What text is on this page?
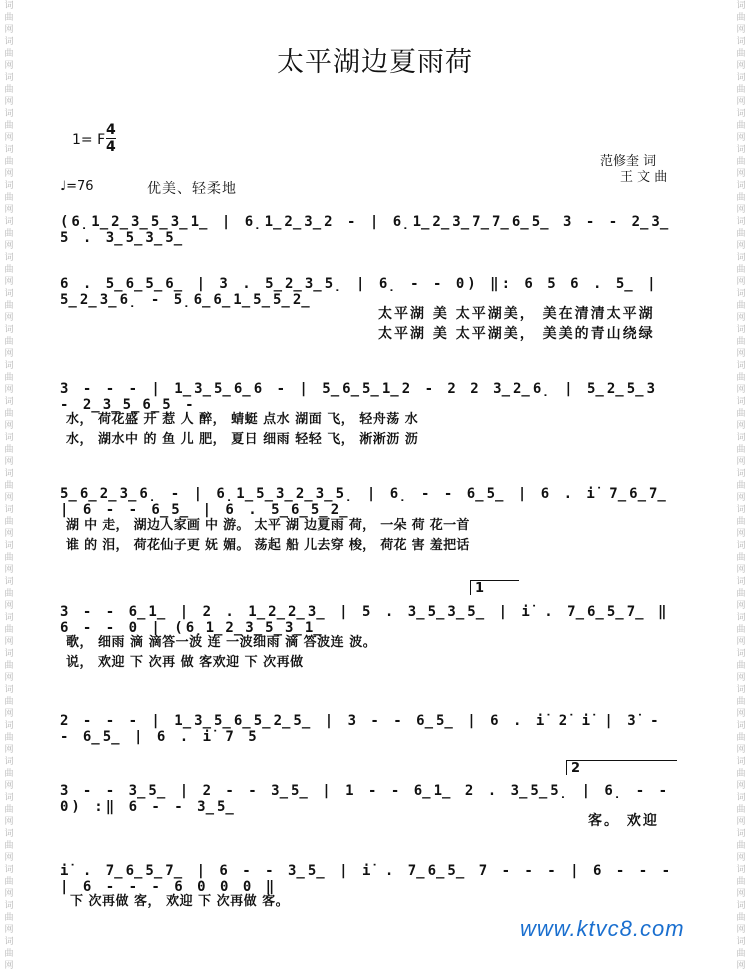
词
曲
网
词
曲
网
词
曲
网
词
曲
网
词
曲
网
词
曲
网
词
曲
网
词
曲
网
词
曲
网
词
曲
网
词
曲
网
词
曲
网
词
曲
网
词
曲
网
词
曲
网
词
曲
网
词
曲
网
词
曲
网
词
曲
网
词
曲
网
词
曲
网
词
曲
网
词
曲
网
词
曲
网
词
曲
网
词
曲
网
词
曲
网
词
曲
网
词
曲
网
词
曲
网
词
曲
网
词
曲
网
词
曲
网
词
曲
网
词
曲
网
词
曲
网
词
曲
网
词
曲
网
词
曲
网
词
曲
网
词
曲
网
词
曲
网
词
曲
网
词
曲
网
词
曲
网
词
曲
网
词
曲
网
词
曲
网
词
曲
网
词
曲
网
词
曲
网
词
曲
网
词
曲
网
词
曲
网
太平湖边夏雨荷
1= F $\frac{4}{4}$
范修奎 词
王 文 曲
♩=76	优美、轻柔地
(6̣1̲2̲3̲5̲3̲1̲ | 6̣1̲2̲3̲2 - | 6̣1̲2̲3̲7̲7̲6̲5̲ 3 - - 2̲3̲ 5 . 3̲5̲3̲5̲
6 . 5̲6̲5̲6̲ | 3 . 5̲2̲3̲5̣ | 6̣ - - 0) ‖: 6 5 6 . 5̲ | 5̲2̲3̲6̣ - 5̣6̲6̲1̲5̲5̲2̲
太平湖 美 太平湖美， 美在清清太平湖
太平湖 美 太平湖美， 美美的青山绕绿
3 - - - | 1̲3̲5̲6̲6 - | 5̲6̲5̲1̲2 - 2 2 3̲2̲6̣ | 5̲2̲5̲3 - 2̲3̲5̲6̲5 -
水， 荷花盛 开 惹 人 醉， 蜻蜓 点水 湖面 飞， 轻舟荡 水
水， 湖水中 的 鱼 儿 肥， 夏日 细雨 轻轻 飞， 淅淅沥 沥
5̲6̲2̲3̲6̣ - | 6̣1̲5̲3̲2̲3̲5̣ | 6̣ - - 6̲5̲ | 6 . i̇ 7̲6̲7̲ | 6 - - 6̲5̲ | 6 . 5̲6̲5̲2̲
湖 中 走， 湖边人家画 中 游。 太平 湖 边夏雨 荷， 一朵 荷 花一首
谁 的 泪， 荷花仙子更 妩 媚。 荡起 船 儿去穿 梭， 荷花 害 羞把话
1
3 - - 6̲1̲ | 2 . 1̲2̲2̲3̲ | 5 . 3̲5̲3̲5̲ | i̇ . 7̲6̲5̲7̲ ‖ 6 - - 0 | (6̣1̲2̲3̲5̲3̲1̲
歌， 细雨 滴 滴答一波 连 一波细雨 滴 答波连 波。
说， 欢迎 下 次再 做 客欢迎 下 次再做
2 - - - | 1̲3̲5̲6̲5̲2̲5̲ | 3 - - 6̲5̲ | 6 . i̇ 2̇ i̇ | 3̇ - - 6̲5̲ | 6 . i̇ 7 5
2
3 - - 3̲5̲ | 2 - - 3̲5̲ | 1 - - 6̲1̲ 2 . 3̲5̲5̣ | 6̣ - - 0) :‖ 6 - - 3̲5̲
客。 欢迎
i̇ . 7̲6̲5̲7̲ | 6 - - 3̲5̲ | i̇ . 7̲6̲5̲ 7 - - - | 6 - - - | 6 - - - 6 0 0 0 ‖
下 次再做 客， 欢迎 下 次再做 客。
www.ktvc8.com
